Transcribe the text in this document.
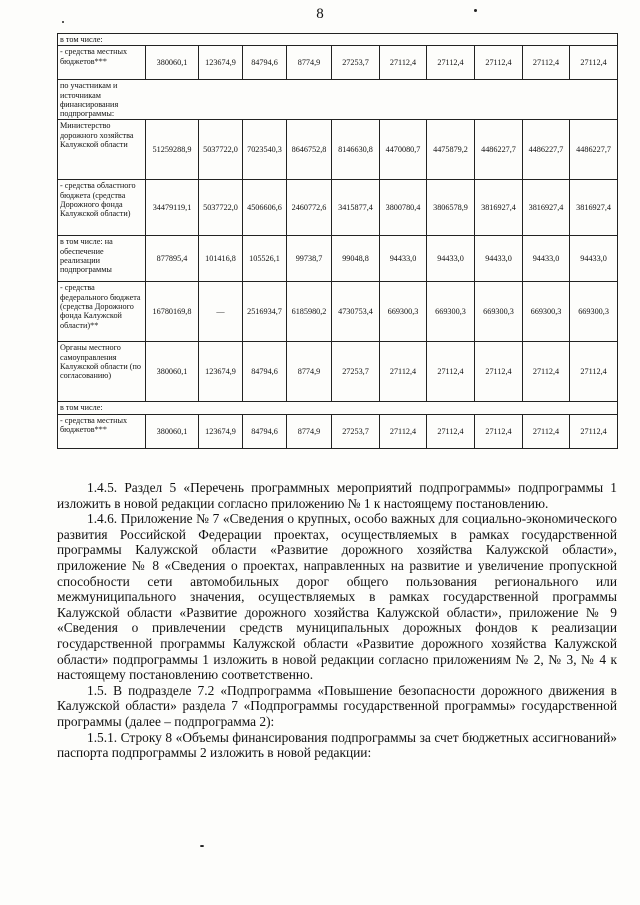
8
в том числе:										
- средства местных бюджетов***	380060,1	123674,9	84794,6	8774,9	27253,7	27112,4	27112,4	27112,4	27112,4	27112,4
по участникам и источникам финансирования подпрограммы:										
Министерство дорожного хозяйства Калужской области	51259288,9	5037722,0	7023540,3	8646752,8	8146630,8	4470080,7	4475879,2	4486227,7	4486227,7	4486227,7
- средства областного бюджета (средства Дорожного фонда Калужской области)	34479119,1	5037722,0	4506606,6	2460772,6	3415877,4	3800780,4	3806578,9	3816927,4	3816927,4	3816927,4
в том числе: на обеспечение реализации подпрограммы	877895,4	101416,8	105526,1	99738,7	99048,8	94433,0	94433,0	94433,0	94433,0	94433,0
- средства федерального бюджета (средства Дорожного фонда Калужской области)**	16780169,8	—	2516934,7	6185980,2	4730753,4	669300,3	669300,3	669300,3	669300,3	669300,3
Органы местного самоуправления Калужской области (по согласованию)	380060,1	123674,9	84794,6	8774,9	27253,7	27112,4	27112,4	27112,4	27112,4	27112,4
в том числе:										
- средства местных бюджетов***	380060,1	123674,9	84794,6	8774,9	27253,7	27112,4	27112,4	27112,4	27112,4	27112,4

1.4.5. Раздел 5 «Перечень программных мероприятий подпрограммы» подпрограммы 1 изложить в новой редакции согласно приложению № 1 к настоящему постановлению.

1.4.6. Приложение № 7 «Сведения о крупных, особо важных для социально-экономического развития Российской Федерации проектах, осуществляемых в рамках государственной программы Калужской области «Развитие дорожного хозяйства Калужской области», приложение № 8 «Сведения о проектах, направленных на развитие и увеличение пропускной способности сети автомобильных дорог общего пользования регионального или межмуниципального значения, осуществляемых в рамках государственной программы Калужской области «Развитие дорожного хозяйства Калужской области», приложение № 9 «Сведения о привлечении средств муниципальных дорожных фондов к реализации государственной программы Калужской области «Развитие дорожного хозяйства Калужской области» подпрограммы 1 изложить в новой редакции согласно приложениям № 2, № 3, № 4 к настоящему постановлению соответственно.

1.5. В подразделе 7.2 «Подпрограмма «Повышение безопасности дорожного движения в Калужской области» раздела 7 «Подпрограммы государственной программы» государственной программы (далее – подпрограмма 2):

1.5.1. Строку 8 «Объемы финансирования подпрограммы за счет бюджетных ассигнований» паспорта подпрограммы 2 изложить в новой редакции:
